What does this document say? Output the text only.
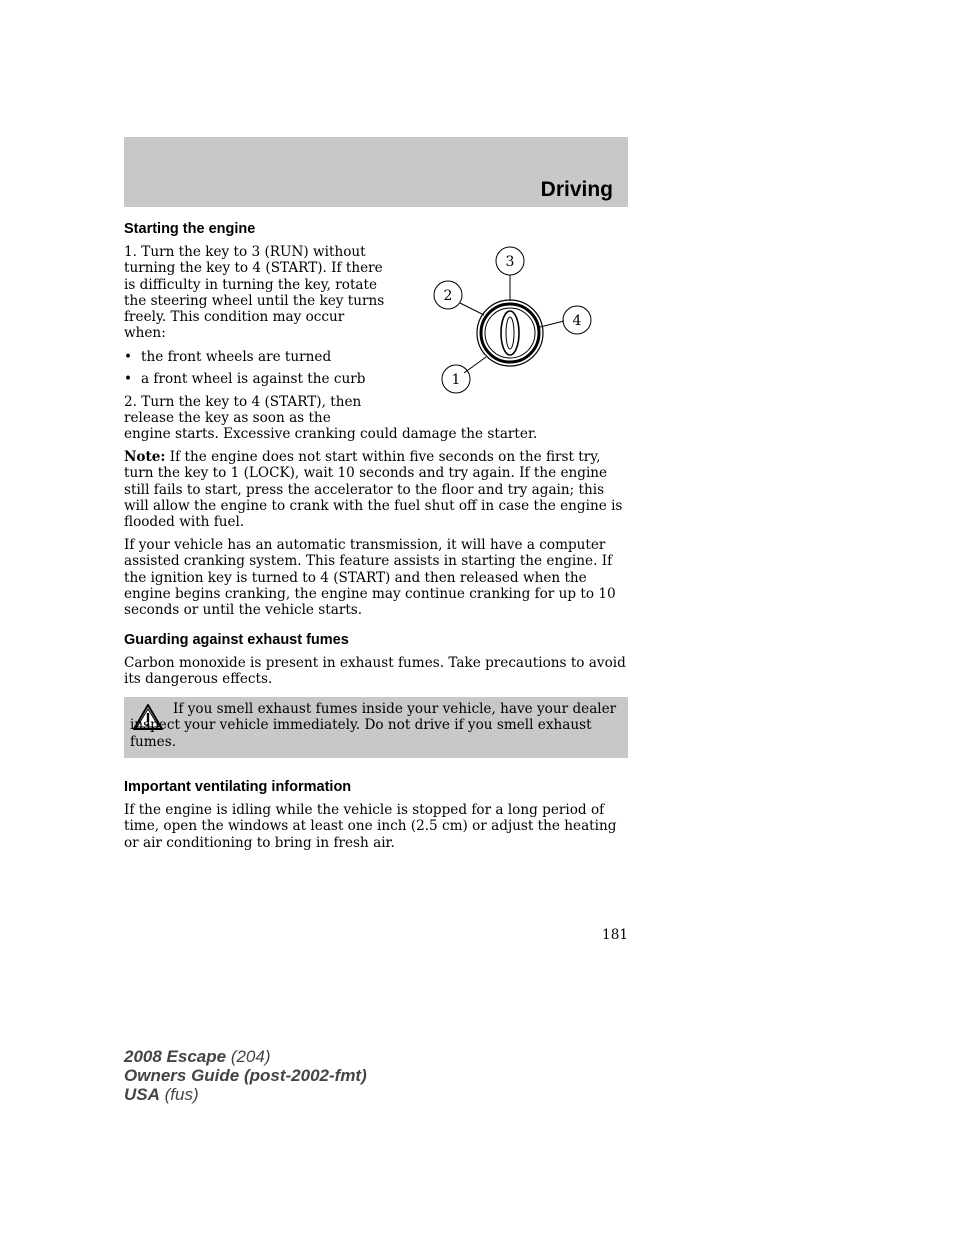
Driving
Starting the engine
1. Turn the key to 3 (RUN) without turning the key to 4 (START). If there is difficulty in turning the key, rotate the steering wheel until the key turns freely. This condition may occur when:
• the front wheels are turned
• a front wheel is against the curb
2. Turn the key to 4 (START), then release the key as soon as the
engine starts. Excessive cranking could damage the starter.
Note: If the engine does not start within five seconds on the first try, turn the key to 1 (LOCK), wait 10 seconds and try again. If the engine still fails to start, press the accelerator to the floor and try again; this will allow the engine to crank with the fuel shut off in case the engine is flooded with fuel.
If your vehicle has an automatic transmission, it will have a computer assisted cranking system. This feature assists in starting the engine. If the ignition key is turned to 4 (START) and then released when the engine begins cranking, the engine may continue cranking for up to 10 seconds or until the vehicle starts.
3
2
4
1
Guarding against exhaust fumes
Carbon monoxide is present in exhaust fumes. Take precautions to avoid its dangerous effects.
If you smell exhaust fumes inside your vehicle, have your dealer inspect your vehicle immediately. Do not drive if you smell exhaust fumes.
Important ventilating information
If the engine is idling while the vehicle is stopped for a long period of time, open the windows at least one inch (2.5 cm) or adjust the heating or air conditioning to bring in fresh air.
181
2008 Escape (204)
Owners Guide (post-2002-fmt)
USA (fus)
